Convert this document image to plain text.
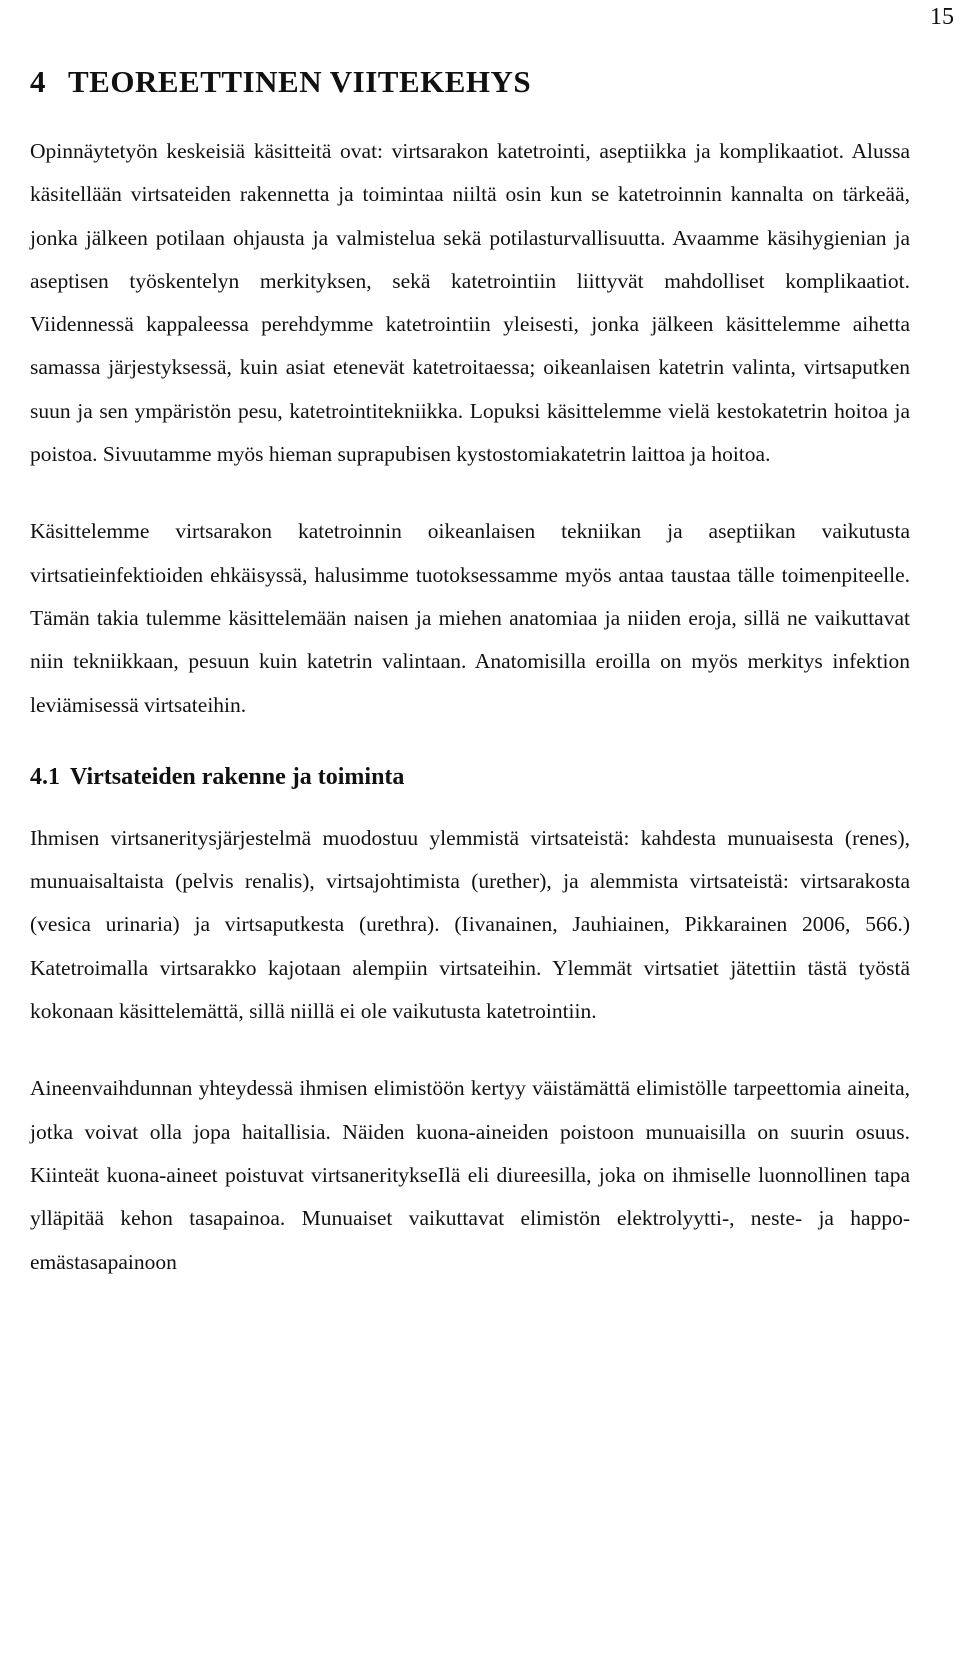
15
4 TEOREETTINEN VIITEKEHYS

Opinnäytetyön keskeisiä käsitteitä ovat: virtsarakon katetrointi, aseptiikka ja komplikaatiot. Alussa käsitellään virtsateiden rakennetta ja toimintaa niiltä osin kun se katetroinnin kannalta on tärkeää, jonka jälkeen potilaan ohjausta ja valmistelua sekä potilasturvallisuutta. Avaamme käsihygienian ja aseptisen työskentelyn merkityksen, sekä katetrointiin liittyvät mahdolliset komplikaatiot. Viidennessä kappaleessa perehdymme katetrointiin yleisesti, jonka jälkeen käsittelemme aihetta samassa järjestyksessä, kuin asiat etenevät katetroitaessa; oikeanlaisen katetrin valinta, virtsaputken suun ja sen ympäristön pesu, katetrointitekniikka. Lopuksi käsittelemme vielä kestokatetrin hoitoa ja poistoa. Sivuutamme myös hieman suprapubisen kystostomiakatetrin laittoa ja hoitoa.

Käsittelemme virtsarakon katetroinnin oikeanlaisen tekniikan ja aseptiikan vaikutusta virtsatieinfektioiden ehkäisyssä, halusimme tuotoksessamme myös antaa taustaa tälle toimenpiteelle. Tämän takia tulemme käsittelemään naisen ja miehen anatomiaa ja niiden eroja, sillä ne vaikuttavat niin tekniikkaan, pesuun kuin katetrin valintaan. Anatomisilla eroilla on myös merkitys infektion leviämisessä virtsateihin.

4.1 Virtsateiden rakenne ja toiminta

Ihmisen virtsaneritysjärjestelmä muodostuu ylemmistä virtsateistä: kahdesta munuaisesta (renes), munuaisaltaista (pelvis renalis), virtsajohtimista (urether), ja alemmista virtsateistä: virtsarakosta (vesica urinaria) ja virtsaputkesta (urethra). (Iivanainen, Jauhiainen, Pikkarainen 2006, 566.) Katetroimalla virtsarakko kajotaan alempiin virtsateihin. Ylemmät virtsatiet jätettiin tästä työstä kokonaan käsittelemättä, sillä niillä ei ole vaikutusta katetrointiin.

Aineenvaihdunnan yhteydessä ihmisen elimistöön kertyy väistämättä elimistölle tarpeettomia aineita, jotka voivat olla jopa haitallisia. Näiden kuona-aineiden poistoon munuaisilla on suurin osuus. Kiinteät kuona-aineet poistuvat virtsaneritykseIlä eli diureesilla, joka on ihmiselle luonnollinen tapa ylläpitää kehon tasapainoa. Munuaiset vaikuttavat elimistön elektrolyytti-, neste- ja happo-emästasapainoon
